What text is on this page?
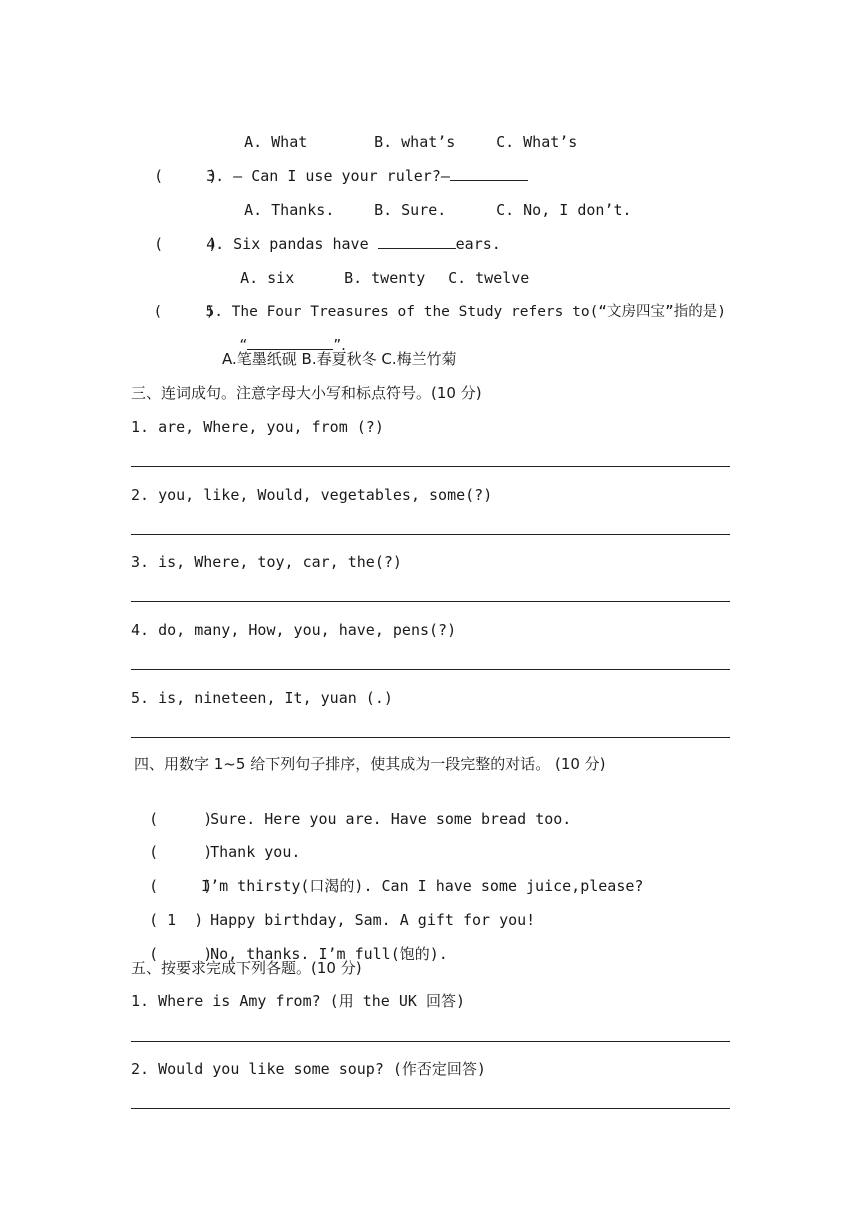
A. What	B. what’s	C. What’s

(     )3. — Can I use your ruler?—

A. Thanks.	B. Sure.	C. No, I don’t.

(     )4. Six pandas have	ears.

A. six	B. twenty C. twelve

(     )5. The Four Treasures of the Study refers to(“文房四宝”指的是)

“	”.

A.笔墨纸砚 B.春夏秋冬 C.梅兰竹菊
三、连词成句。注意字母大小写和标点符号。(10 分)
1. are, Where, you, from (?)
2. you, like, Would, vegetables, some(?)
3. is, Where, toy, car, the(?)
4. do, many, How, you, have, pens(?)
5. is, nineteen, It, yuan (.)
四、用数字 1~5 给下列句子排序，使其成为一段完整的对话。 (10 分)

(     ) Sure. Here you are. Have some bread too.

(     ) Thank you.

(     )I’m thirsty(口渴的). Can I have some juice,please?

( 1  ) Happy birthday, Sam. A gift for you!

(     ) No, thanks. I’m full(饱的).

五、按要求完成下列各题。(10 分)
1. Where is Amy from? (用 the UK 回答)
2. Would you like some soup? (作否定回答)
